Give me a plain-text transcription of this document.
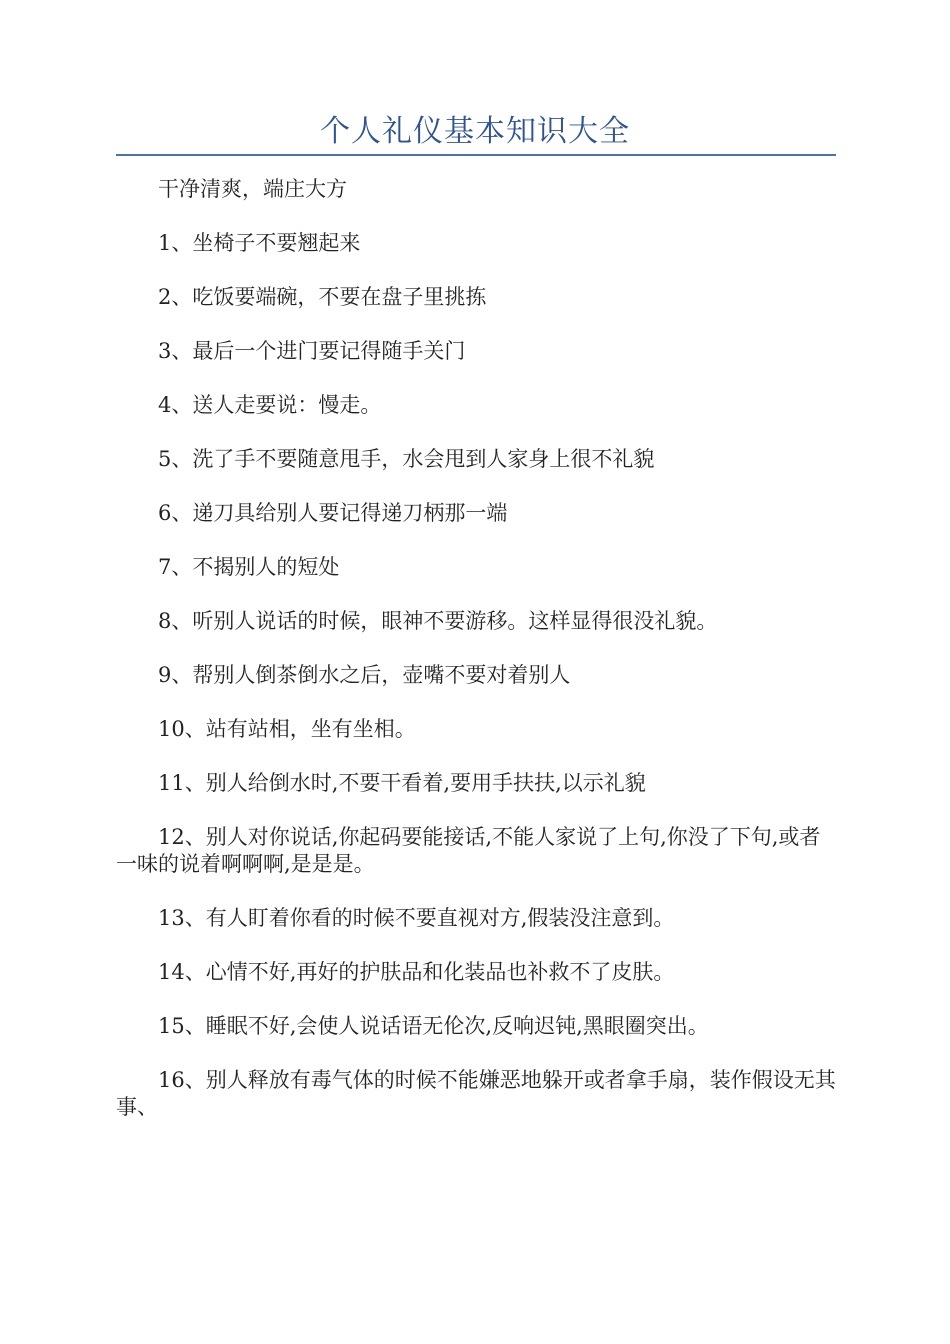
个人礼仪基本知识大全

干净清爽，端庄大方

1、坐椅子不要翘起来

2、吃饭要端碗，不要在盘子里挑拣

3、最后一个进门要记得随手关门

4、送人走要说：慢走。

5、洗了手不要随意甩手，水会甩到人家身上很不礼貌

6、递刀具给别人要记得递刀柄那一端

7、不揭别人的短处

8、听别人说话的时候，眼神不要游移。这样显得很没礼貌。

9、帮别人倒茶倒水之后，壶嘴不要对着别人

10、站有站相，坐有坐相。

11、别人给倒水时,不要干看着,要用手扶扶,以示礼貌

12、别人对你说话,你起码要能接话,不能人家说了上句,你没了下句,或者一味的说着啊啊啊,是是是。

13、有人盯着你看的时候不要直视对方,假装没注意到。

14、心情不好,再好的护肤品和化装品也补救不了皮肤。

15、睡眠不好,会使人说话语无伦次,反响迟钝,黑眼圈突出。

16、别人释放有毒气体的时候不能嫌恶地躲开或者拿手扇，装作假设无其事、
